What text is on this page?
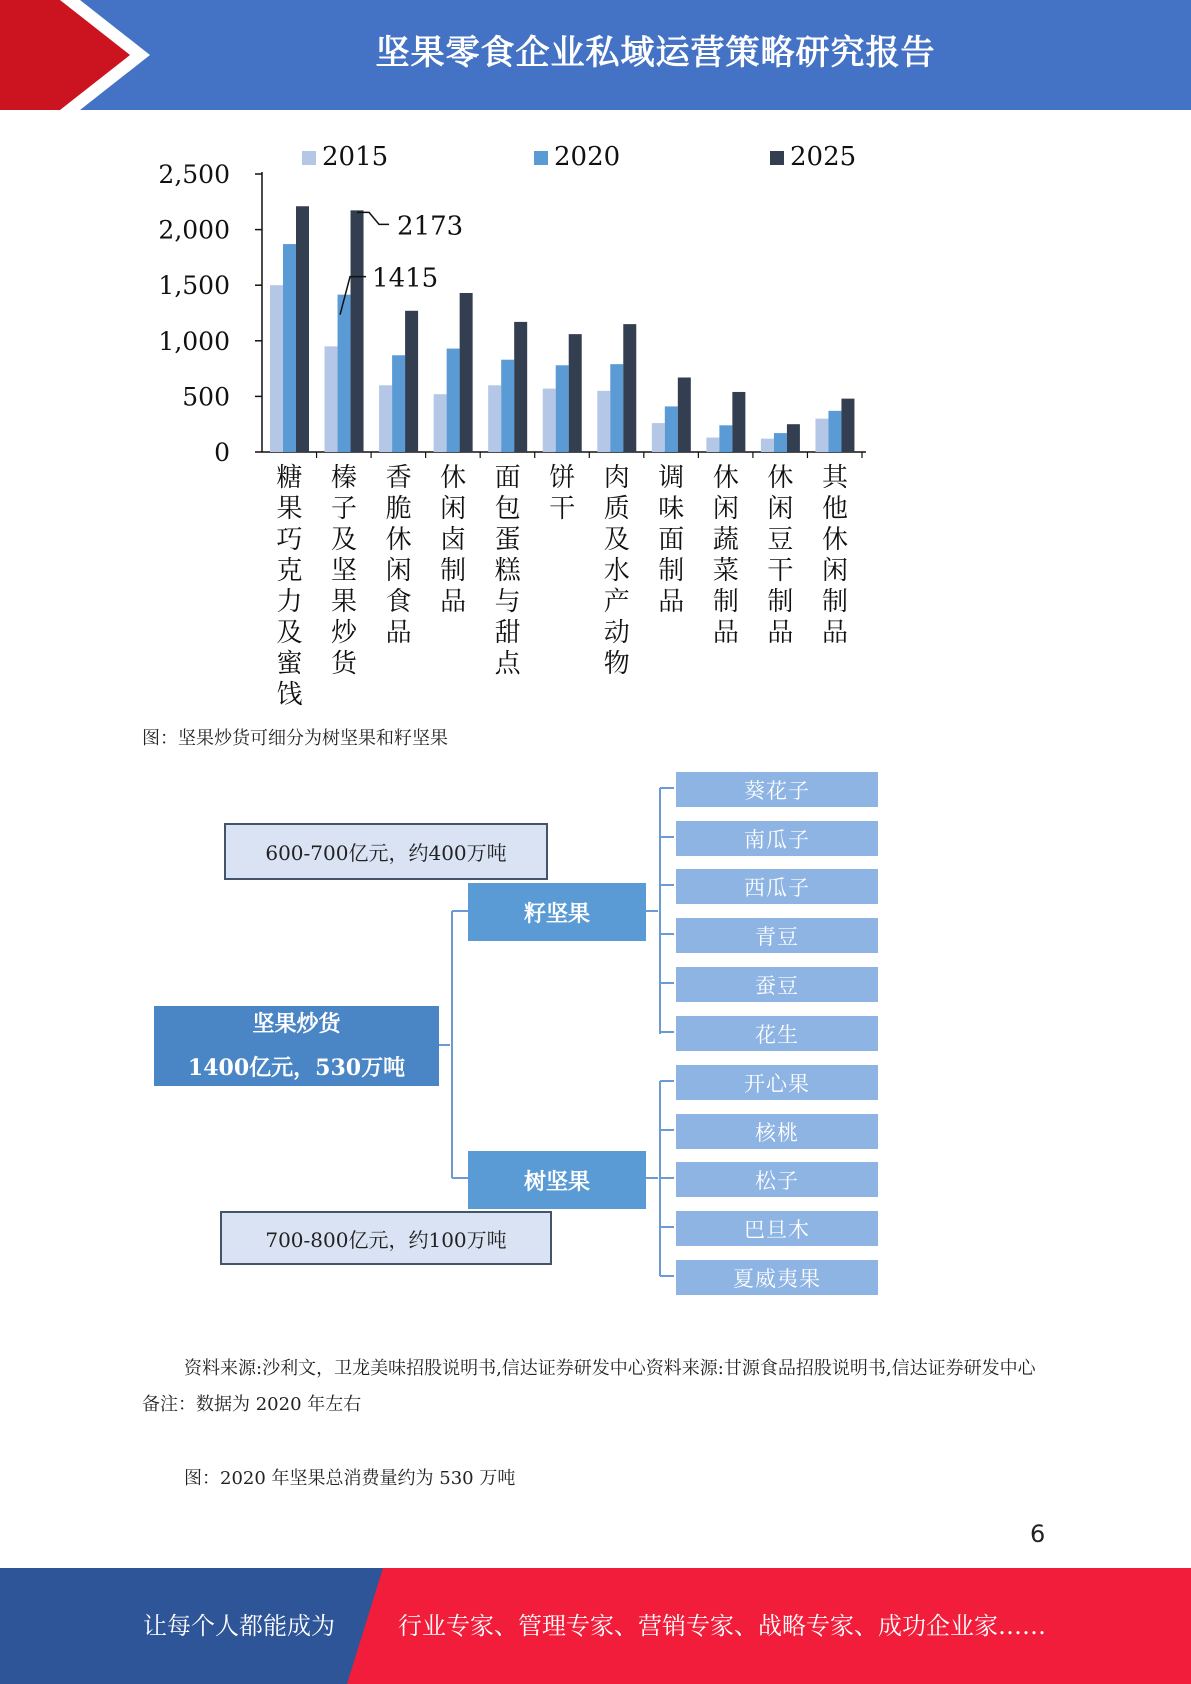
坚果零食企业私域运营策略研究报告
0
500
1,000
1,500
2,000
2,500
糖
果
巧
克
力
及
蜜
饯
榛
子
及
坚
果
炒
货
香
脆
休
闲
食
品
休
闲
卤
制
品
面
包
蛋
糕
与
甜
点
饼
干
肉
质
及
水
产
动
物
调
味
面
制
品
休
闲
蔬
菜
制
品
休
闲
豆
干
制
品
其
他
休
闲
制
品
2015	2020	2025
2173
1415
图：坚果炒货可细分为树坚果和籽坚果
600-700亿元，约400万吨
籽坚果
坚果炒货
1400亿元，530万吨
树坚果
700-800亿元，约100万吨
葵花子
南瓜子
西瓜子
青豆
蚕豆
花生
开心果
核桃
松子
巴旦木
夏威夷果
资料来源:沙利文，卫龙美味招股说明书,信达证券研发中心资料来源:甘源食品招股说明书,信达证券研发中心备注：数据为 2020 年左右
图：2020 年坚果总消费量约为 530 万吨
6
让每个人都能成为	行业专家、管理专家、营销专家、战略专家、成功企业家……
